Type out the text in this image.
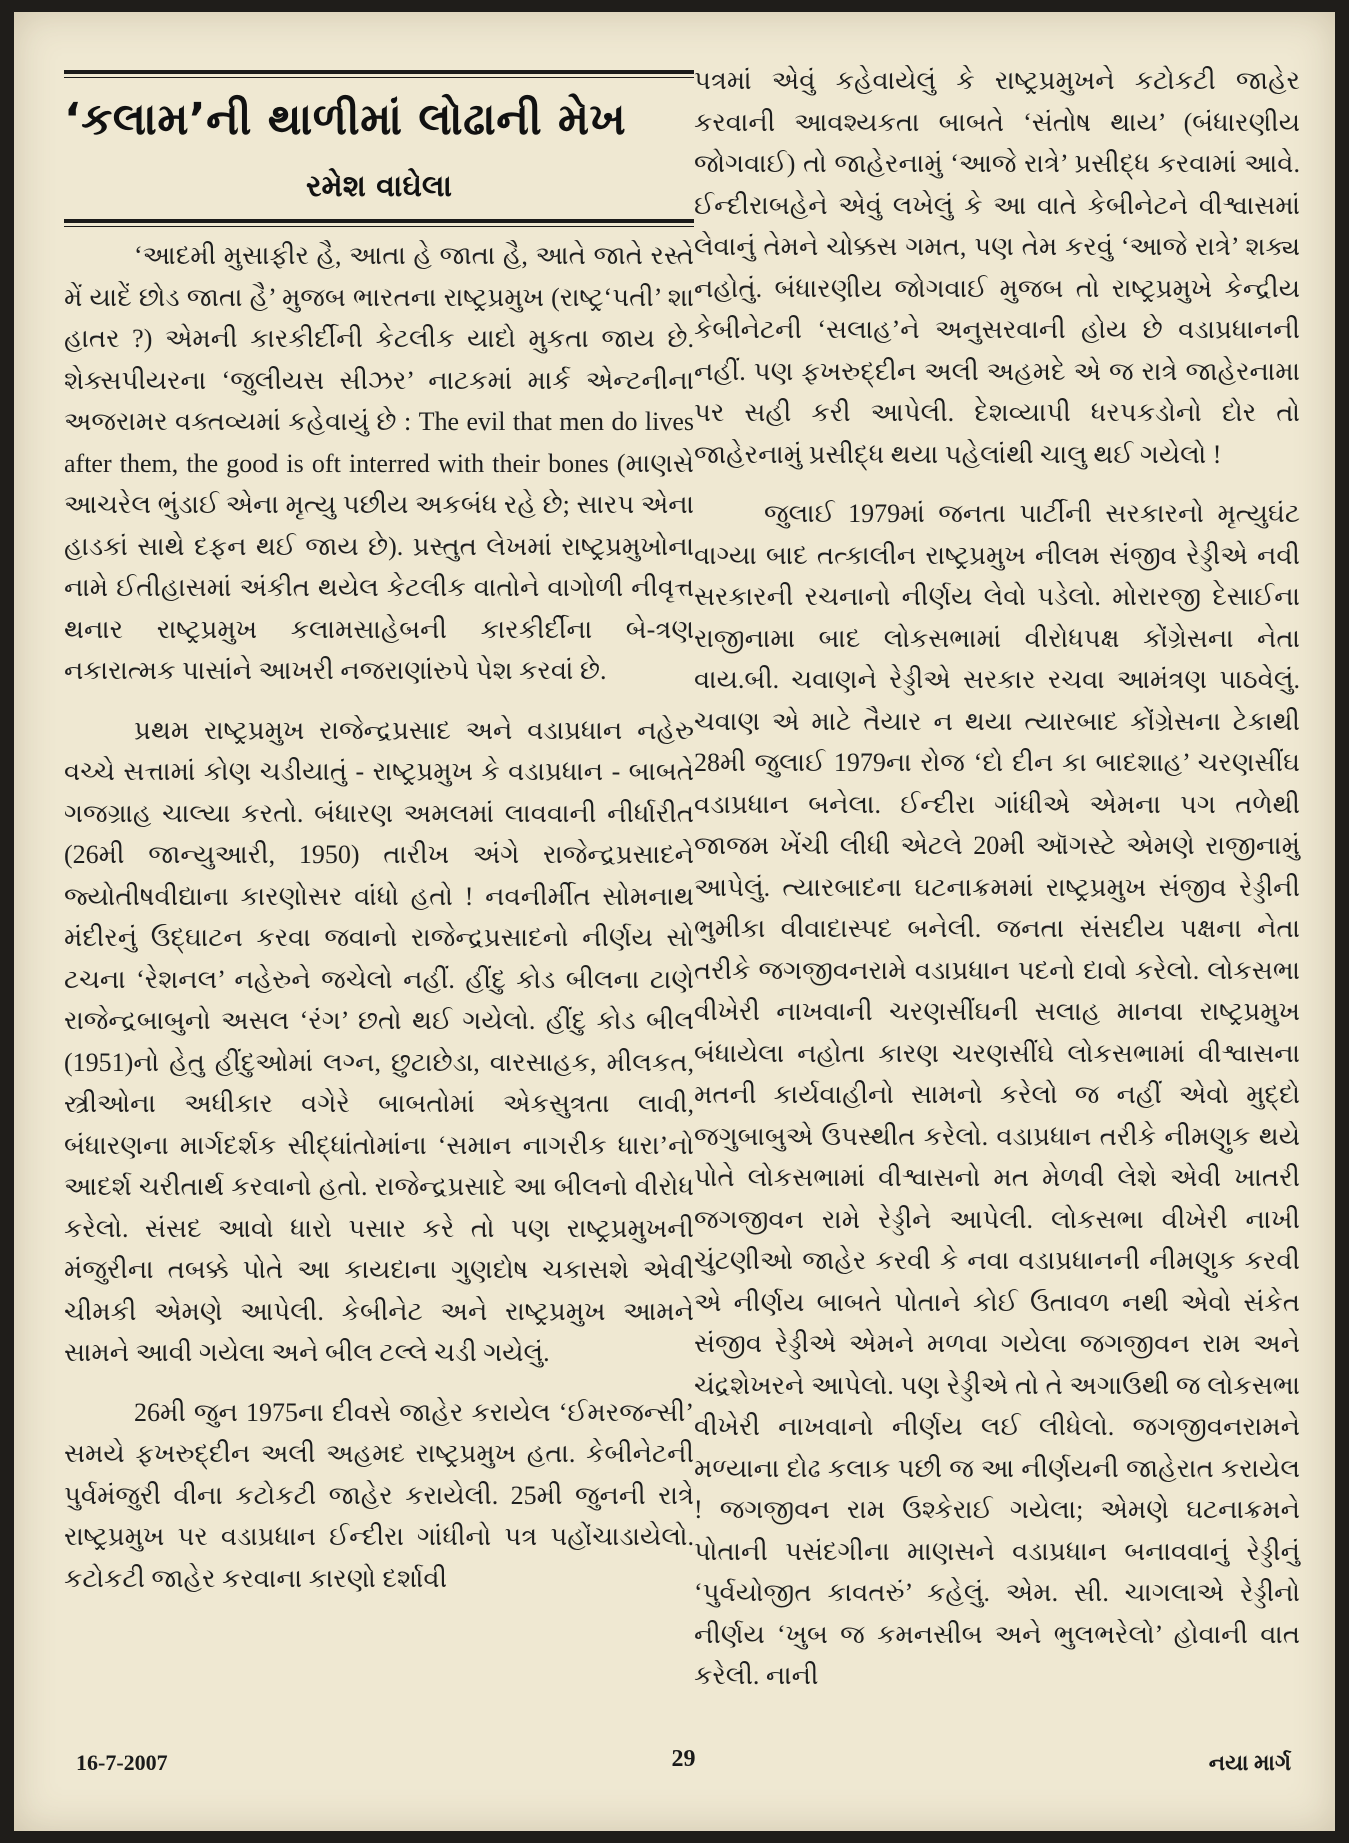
‘કલામ’ની થાળીમાં લોઢાની મેખ
રમેશ વાઘેલા

‘આદમી મુસાફીર હૈ, આતા હે જાતા હૈ, આતે જાતે રસ્તે મેં યાદેં છોડ જાતા હૈ’ મુજબ ભારતના રાષ્ટ્રપ્રમુખ (રાષ્ટ્ર‘પતી’ શા હાતર ?) એમની કારકીર્દીની કેટલીક યાદો મુકતા જાય છે. શેક્સપીયરના ‘જુલીયસ સીઝર’ નાટકમાં માર્ક એન્ટનીના અજરામર વક્તવ્યમાં કહેવાયું છે : The evil that men do lives after them, the good is oft interred with their bones (માણસે આચરેલ ભુંડાઈ એના મૃત્યુ પછીય અકબંધ રહે છે; સારપ એના હાડકાં સાથે દફન થઈ જાય છે). પ્રસ્તુત લેખમાં રાષ્ટ્રપ્રમુખોના નામે ઈતીહાસમાં અંકીત થયેલ કેટલીક વાતોને વાગોળી નીવૃત્ત થનાર રાષ્ટ્રપ્રમુખ કલામસાહેબની કારકીર્દીના બે-ત્રણ નકારાત્મક પાસાંને આખરી નજરાણાંરુપે પેશ કરવાં છે.

પ્રથમ રાષ્ટ્રપ્રમુખ રાજેન્દ્રપ્રસાદ અને વડાપ્રધાન નહેરુ વચ્ચે સત્તામાં કોણ ચડીયાતું - રાષ્ટ્રપ્રમુખ કે વડાપ્રધાન - બાબતે ગજગ્રાહ ચાલ્યા કરતો. બંધારણ અમલમાં લાવવાની નીર્ધારીત (26મી જાન્યુઆરી, 1950) તારીખ અંગે રાજેન્દ્રપ્રસાદને જ્યોતીષવીદ્યાના કારણોસર વાંધો હતો ! નવનીર્મીત સોમનાથ મંદીરનું ઉદ્ઘાટન કરવા જવાનો રાજેન્દ્રપ્રસાદનો નીર્ણય સો ટચના ‘રેશનલ’ નહેરુને જચેલો નહીં. હીંદુ કોડ બીલના ટાણે રાજેન્દ્રબાબુનો અસલ ‘રંગ’ છતો થઈ ગયેલો. હીંદુ કોડ બીલ (1951)નો હેતુ હીંદુઓમાં લગ્ન, છુટાછેડા, વારસાહક, મીલકત, સ્ત્રીઓના અધીકાર વગેરે બાબતોમાં એકસુત્રતા લાવી, બંધારણના માર્ગદર્શક સીદ્ધાંતોમાંના ‘સમાન નાગરીક ધારા’નો આદર્શ ચરીતાર્થ કરવાનો હતો. રાજેન્દ્રપ્રસાદે આ બીલનો વીરોધ કરેલો. સંસદ આવો ધારો પસાર કરે તો પણ રાષ્ટ્રપ્રમુખની મંજુરીના તબક્કે પોતે આ કાયદાના ગુણદોષ ચકાસશે એવી ચીમકી એમણે આપેલી. કેબીનેટ અને રાષ્ટ્રપ્રમુખ આમને સામને આવી ગયેલા અને બીલ ટલ્લે ચડી ગયેલું.

26મી જુન 1975ના દીવસે જાહેર કરાયેલ ‘ઈમરજન્સી’ સમયે ફખરુદ્દીન અલી અહમદ રાષ્ટ્રપ્રમુખ હતા. કેબીનેટની પુર્વમંજુરી વીના કટોકટી જાહેર કરાયેલી. 25મી જુનની રાત્રે રાષ્ટ્રપ્રમુખ પર વડાપ્રધાન ઈન્દીરા ગાંધીનો પત્ર પહોંચાડાયેલો. કટોકટી જાહેર કરવાના કારણો દર્શાવી

પત્રમાં એવું કહેવાયેલું કે રાષ્ટ્રપ્રમુખને કટોકટી જાહેર કરવાની આવશ્યકતા બાબતે ‘સંતોષ થાય’ (બંધારણીય જોગવાઈ) તો જાહેરનામું ‘આજે રાત્રે’ પ્રસીદ્ધ કરવામાં આવે. ઈન્દીરાબહેને એવું લખેલું કે આ વાતે કેબીનેટને વીશ્વાસમાં લેવાનું તેમને ચોક્કસ ગમત, પણ તેમ કરવું ‘આજે રાત્રે’ શક્ય નહોતું. બંધારણીય જોગવાઈ મુજબ તો રાષ્ટ્રપ્રમુખે કેન્દ્રીય કેબીનેટની ‘સલાહ’ને અનુસરવાની હોય છે વડાપ્રધાનની નહીં. પણ ફખરુદ્દીન અલી અહમદે એ જ રાત્રે જાહેરનામા પર સહી કરી આપેલી. દેશવ્યાપી ધરપકડોનો દોર તો જાહેરનામું પ્રસીદ્ધ થયા પહેલાંથી ચાલુ થઈ ગયેલો !

જુલાઈ 1979માં જનતા પાર્ટીની સરકારનો મૃત્યુઘંટ વાગ્યા બાદ તત્કાલીન રાષ્ટ્રપ્રમુખ નીલમ સંજીવ રેડ્ડીએ નવી સરકારની રચનાનો નીર્ણય લેવો પડેલો. મોરારજી દેસાઈના રાજીનામા બાદ લોકસભામાં વીરોધપક્ષ કોંગ્રેસના નેતા વાય.બી. ચવાણને રેડ્ડીએ સરકાર રચવા આમંત્રણ પાઠવેલું. ચવાણ એ માટે તૈયાર ન થયા ત્યારબાદ કોંગ્રેસના ટેકાથી 28મી જુલાઈ 1979ના રોજ ‘દો દીન કા બાદશાહ’ ચરણસીંઘ વડાપ્રધાન બનેલા. ઈન્દીરા ગાંધીએ એમના પગ તળેથી જાજમ ખેંચી લીધી એટલે 20મી ઑગસ્ટે એમણે રાજીનામું આપેલું. ત્યારબાદના ઘટનાક્રમમાં રાષ્ટ્રપ્રમુખ સંજીવ રેડ્ડીની ભુમીકા વીવાદાસ્પદ બનેલી. જનતા સંસદીય પક્ષના નેતા તરીકે જગજીવનરામે વડાપ્રધાન પદનો દાવો કરેલો. લોકસભા વીખેરી નાખવાની ચરણસીંઘની સલાહ માનવા રાષ્ટ્રપ્રમુખ બંધાયેલા નહોતા કારણ ચરણસીંઘે લોકસભામાં વીશ્વાસના મતની કાર્યવાહીનો સામનો કરેલો જ નહીં એવો મુદ્દો જગુબાબુએ ઉપસ્થીત કરેલો. વડાપ્રધાન તરીકે નીમણુક થયે પોતે લોકસભામાં વીશ્વાસનો મત મેળવી લેશે એવી ખાતરી જગજીવન રામે રેડ્ડીને આપેલી. લોકસભા વીખેરી નાખી ચુંટણીઓ જાહેર કરવી કે નવા વડાપ્રધાનની નીમણુક કરવી એ નીર્ણય બાબતે પોતાને કોઈ ઉતાવળ નથી એવો સંકેત સંજીવ રેડ્ડીએ એમને મળવા ગયેલા જગજીવન રામ અને ચંદ્રશેખરને આપેલો. પણ રેડ્ડીએ તો તે અગાઉથી જ લોકસભા વીખેરી નાખવાનો નીર્ણય લઈ લીધેલો. જગજીવનરામને મળ્યાના દોઢ કલાક પછી જ આ નીર્ણયની જાહેરાત કરાયેલ ! જગજીવન રામ ઉશ્કેરાઈ ગયેલા; એમણે ઘટનાક્રમને પોતાની પસંદગીના માણસને વડાપ્રધાન બનાવવાનું રેડ્ડીનું ‘પુર્વયોજીત કાવતરું’ કહેલું. એમ. સી. ચાગલાએ રેડ્ડીનો નીર્ણય ‘ખુબ જ કમનસીબ અને ભુલભરેલો’ હોવાની વાત કરેલી. નાની

16-7-2007	29	નયા માર્ગ
